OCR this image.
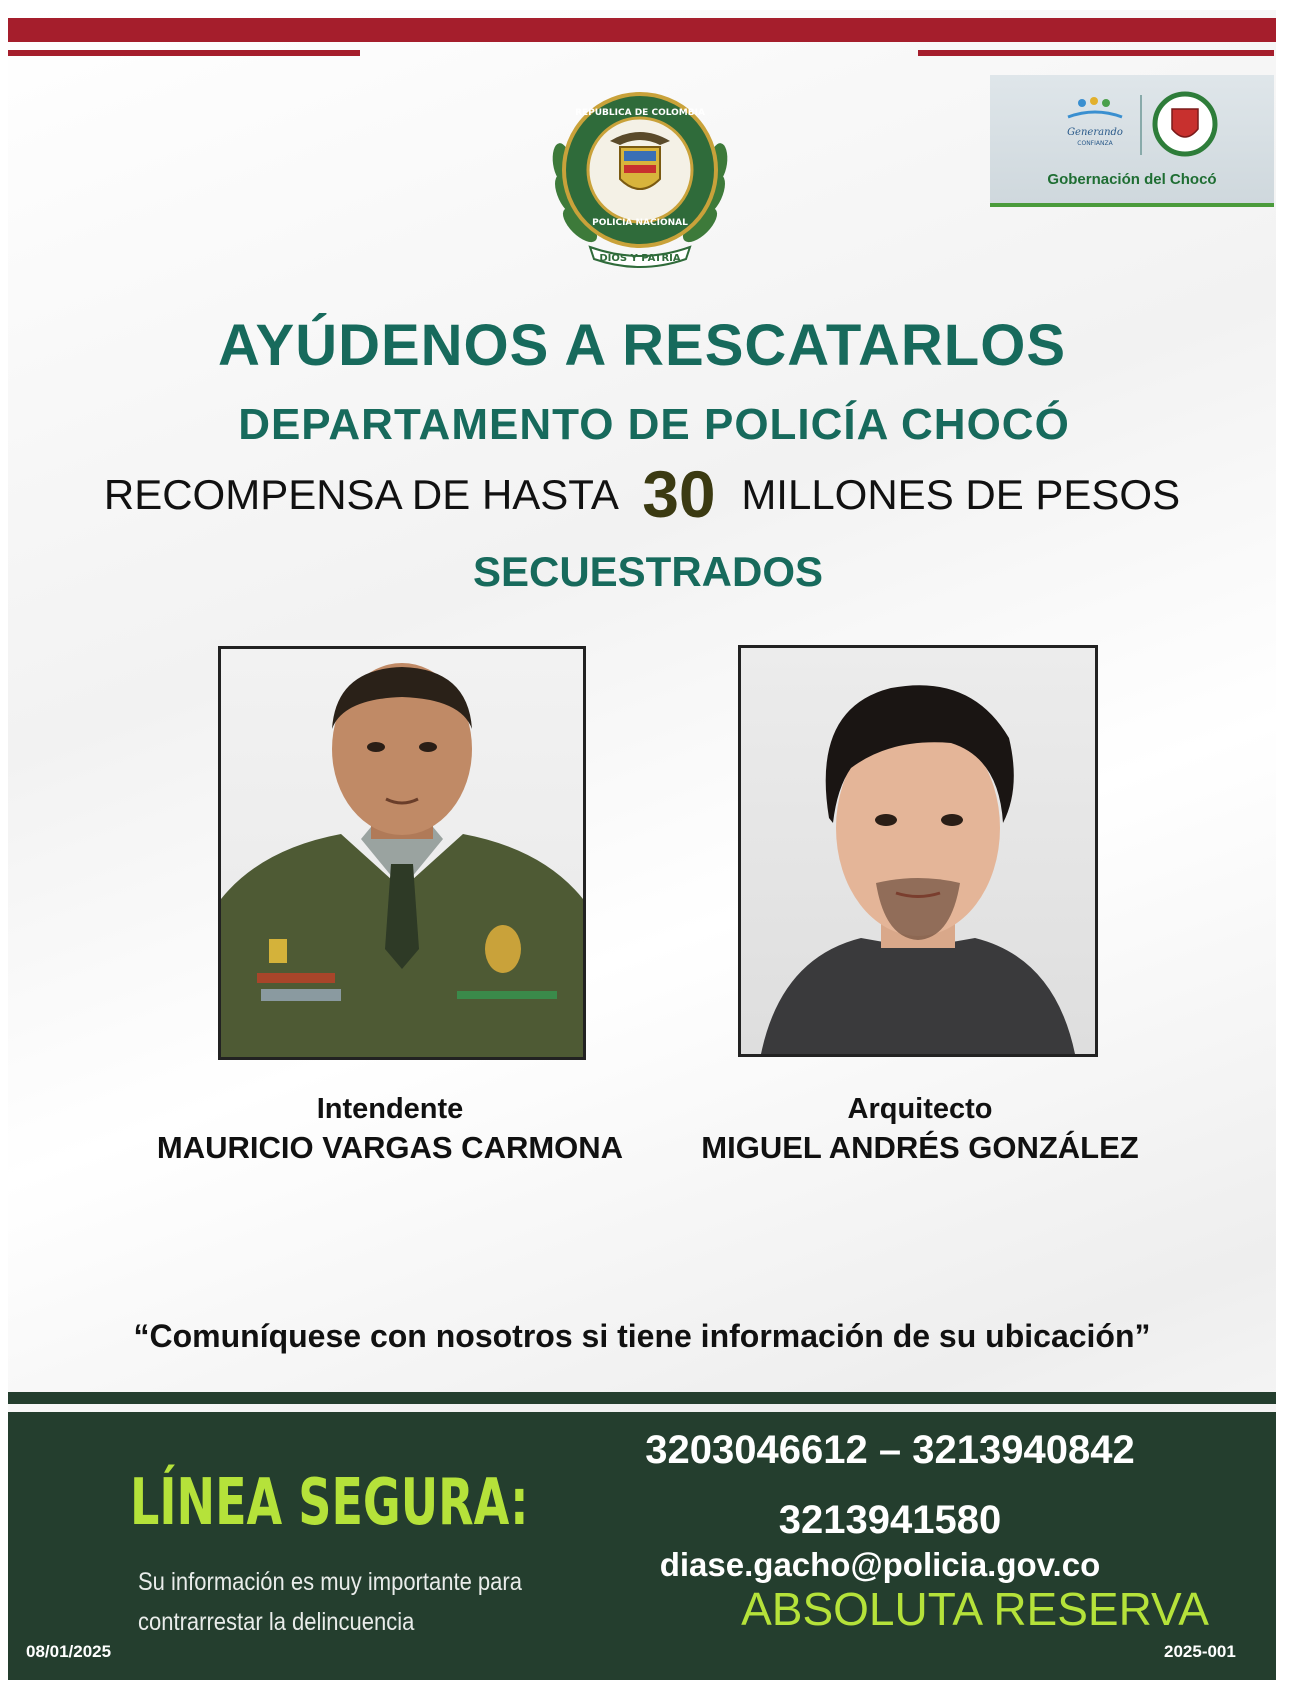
POLICIA NACIONAL
DIOS Y PATRIA
REPUBLICA DE COLOMBIA
Generando
CONFIANZA
Gobernación del Chocó
AYÚDENOS A RESCATARLOS
DEPARTAMENTO DE POLICÍA CHOCÓ
RECOMPENSA DE HASTA 30 MILLONES DE PESOS
SECUESTRADOS
Intendente
MAURICIO VARGAS CARMONA
Arquitecto
MIGUEL ANDRÉS GONZÁLEZ
“Comuníquese con nosotros si tiene información de su ubicación”
LÍNEA SEGURA:
Su información es muy importante para
contrarrestar la delincuencia
3203046612 – 3213940842
3213941580
diase.gacho@policia.gov.co
ABSOLUTA RESERVA
08/01/2025	2025-001
